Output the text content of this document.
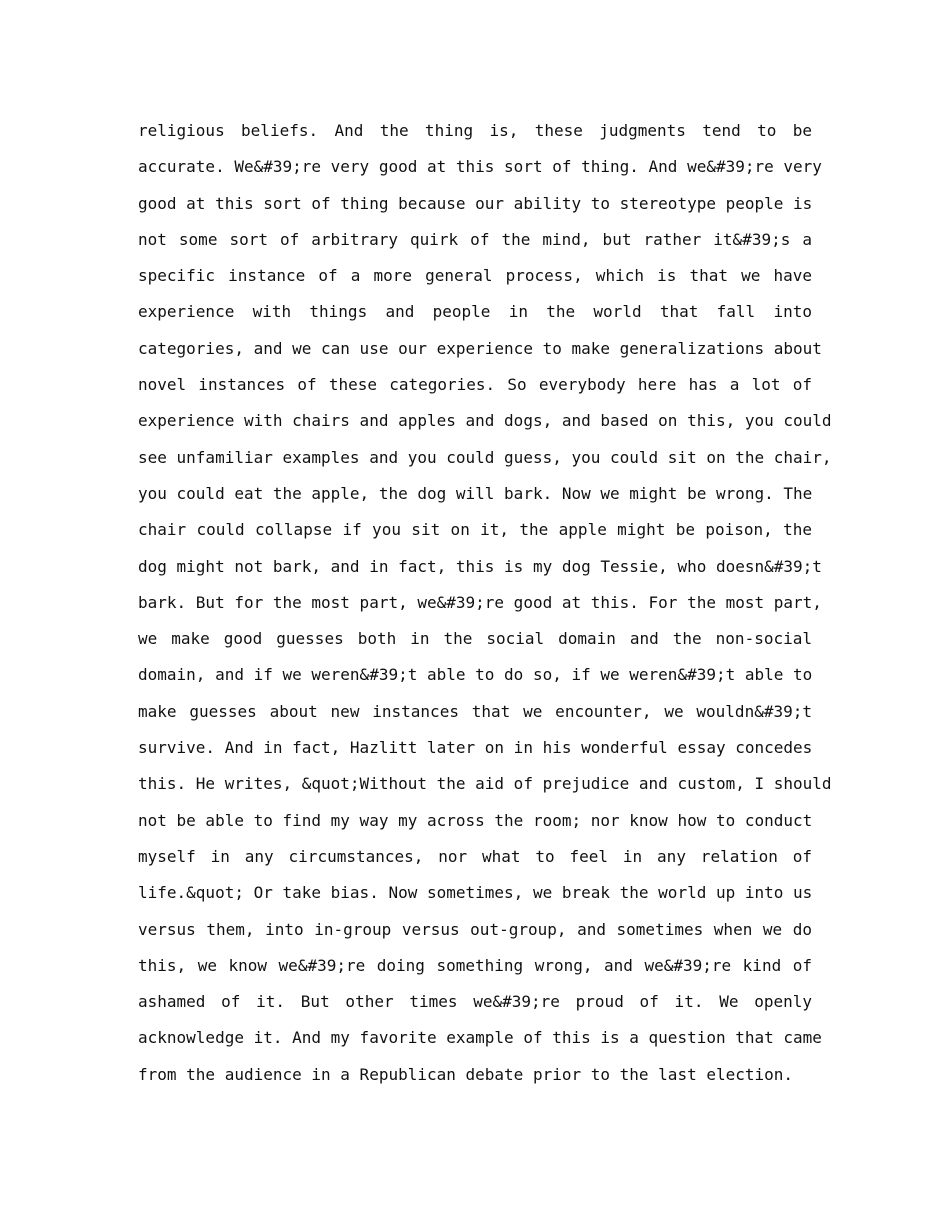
religious beliefs. And the thing is, these judgments tend to be
accurate. We&#39;re very good at this sort of thing. And we&#39;re very
good at this sort of thing because our ability to stereotype people is
not some sort of arbitrary quirk of the mind, but rather it&#39;s a
specific instance of a more general process, which is that we have
experience with things and people in the world that fall into
categories, and we can use our experience to make generalizations about
novel instances of these categories. So everybody here has a lot of
experience with chairs and apples and dogs, and based on this, you could
see unfamiliar examples and you could guess, you could sit on the chair,
you could eat the apple, the dog will bark. Now we might be wrong. The
chair could collapse if you sit on it, the apple might be poison, the
dog might not bark, and in fact, this is my dog Tessie, who doesn&#39;t
bark. But for the most part, we&#39;re good at this. For the most part,
we make good guesses both in the social domain and the non-social
domain, and if we weren&#39;t able to do so, if we weren&#39;t able to
make guesses about new instances that we encounter, we wouldn&#39;t
survive. And in fact, Hazlitt later on in his wonderful essay concedes
this. He writes, &quot;Without the aid of prejudice and custom, I should
not be able to find my way my across the room; nor know how to conduct
myself in any circumstances, nor what to feel in any relation of
life.&quot; Or take bias. Now sometimes, we break the world up into us
versus them, into in-group versus out-group, and sometimes when we do
this, we know we&#39;re doing something wrong, and we&#39;re kind of
ashamed of it. But other times we&#39;re proud of it. We openly
acknowledge it. And my favorite example of this is a question that came
from the audience in a Republican debate prior to the last election.
